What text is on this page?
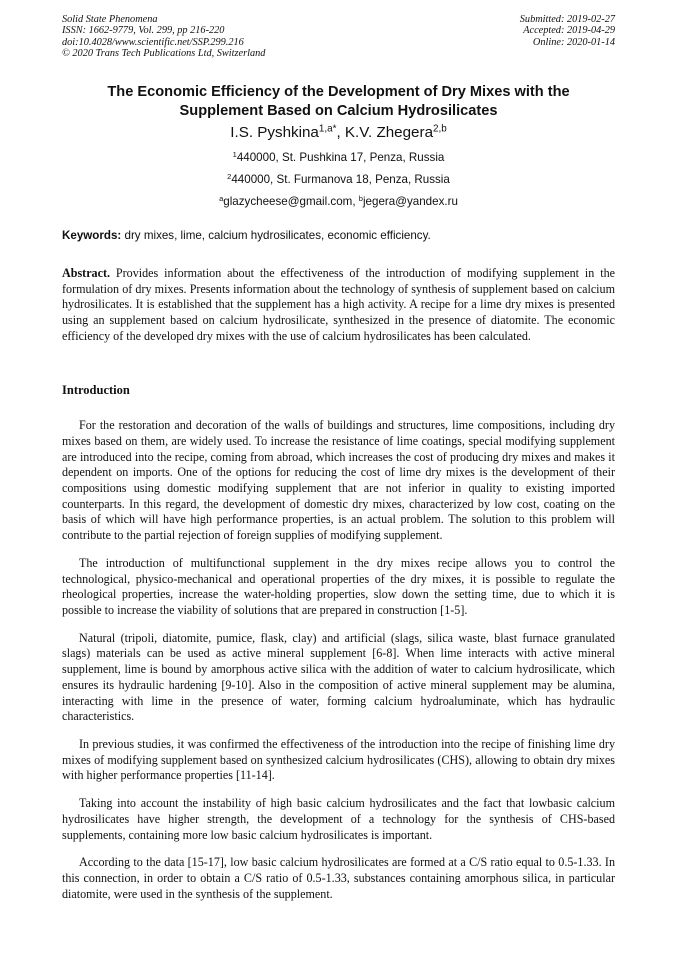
Solid State Phenomena
ISSN: 1662-9779, Vol. 299, pp 216-220
doi:10.4028/www.scientific.net/SSP.299.216
© 2020 Trans Tech Publications Ltd, Switzerland
Submitted: 2019-02-27
Accepted: 2019-04-29
Online: 2020-01-14
The Economic Efficiency of the Development of Dry Mixes with the
Supplement Based on Calcium Hydrosilicates

I.S. Pyshkina$^{1,a*}$, K.V. Zhegera$^{2,b}$

$^1$440000, St. Pushkina 17, Penza, Russia

$^2$440000, St. Furmanova 18, Penza, Russia

$^a$glazycheese@gmail.com, $^b$jegera@yandex.ru

Keywords: dry mixes, lime, calcium hydrosilicates, economic efficiency.

Abstract. Provides information about the effectiveness of the introduction of modifying supplement in the formulation of dry mixes. Presents information about the technology of synthesis of supplement based on calcium hydrosilicates. It is established that the supplement has a high activity. A recipe for a lime dry mixes is presented using an supplement based on calcium hydrosilicate, synthesized in the presence of diatomite. The economic efficiency of the developed dry mixes with the use of calcium hydrosilicates has been calculated.

Introduction

For the restoration and decoration of the walls of buildings and structures, lime compositions, including dry mixes based on them, are widely used. To increase the resistance of lime coatings, special modifying supplement are introduced into the recipe, coming from abroad, which increases the cost of producing dry mixes and makes it dependent on imports. One of the options for reducing the cost of lime dry mixes is the development of their compositions using domestic modifying supplement that are not inferior in quality to existing imported counterparts. In this regard, the development of domestic dry mixes, characterized by low cost, coating on the basis of which will have high performance properties, is an actual problem. The solution to this problem will contribute to the partial rejection of foreign supplies of modifying supplement.

The introduction of multifunctional supplement in the dry mixes recipe allows you to control the technological, physico-mechanical and operational properties of the dry mixes, it is possible to regulate the rheological properties, increase the water-holding properties, slow down the setting time, due to which it is possible to increase the viability of solutions that are prepared in construction [1-5].

Natural (tripoli, diatomite, pumice, flask, clay) and artificial (slags, silica waste, blast furnace granulated slags) materials can be used as active mineral supplement [6-8]. When lime interacts with active mineral supplement, lime is bound by amorphous active silica with the addition of water to calcium hydrosilicate, which ensures its hydraulic hardening [9-10]. Also in the composition of active mineral supplement may be alumina, interacting with lime in the presence of water, forming calcium hydroaluminate, which has hydraulic characteristics.

In previous studies, it was confirmed the effectiveness of the introduction into the recipe of finishing lime dry mixes of modifying supplement based on synthesized calcium hydrosilicates (CHS), allowing to obtain dry mixes with higher performance properties [11-14].

Taking into account the instability of high basic calcium hydrosilicates and the fact that lowbasic calcium hydrosilicates have higher strength, the development of a technology for the synthesis of CHS-based supplements, containing more low basic calcium hydrosilicates is important.

According to the data [15-17], low basic calcium hydrosilicates are formed at a C/S ratio equal to 0.5-1.33. In this connection, in order to obtain a C/S ratio of 0.5-1.33, substances containing amorphous silica, in particular diatomite, were used in the synthesis of the supplement.
